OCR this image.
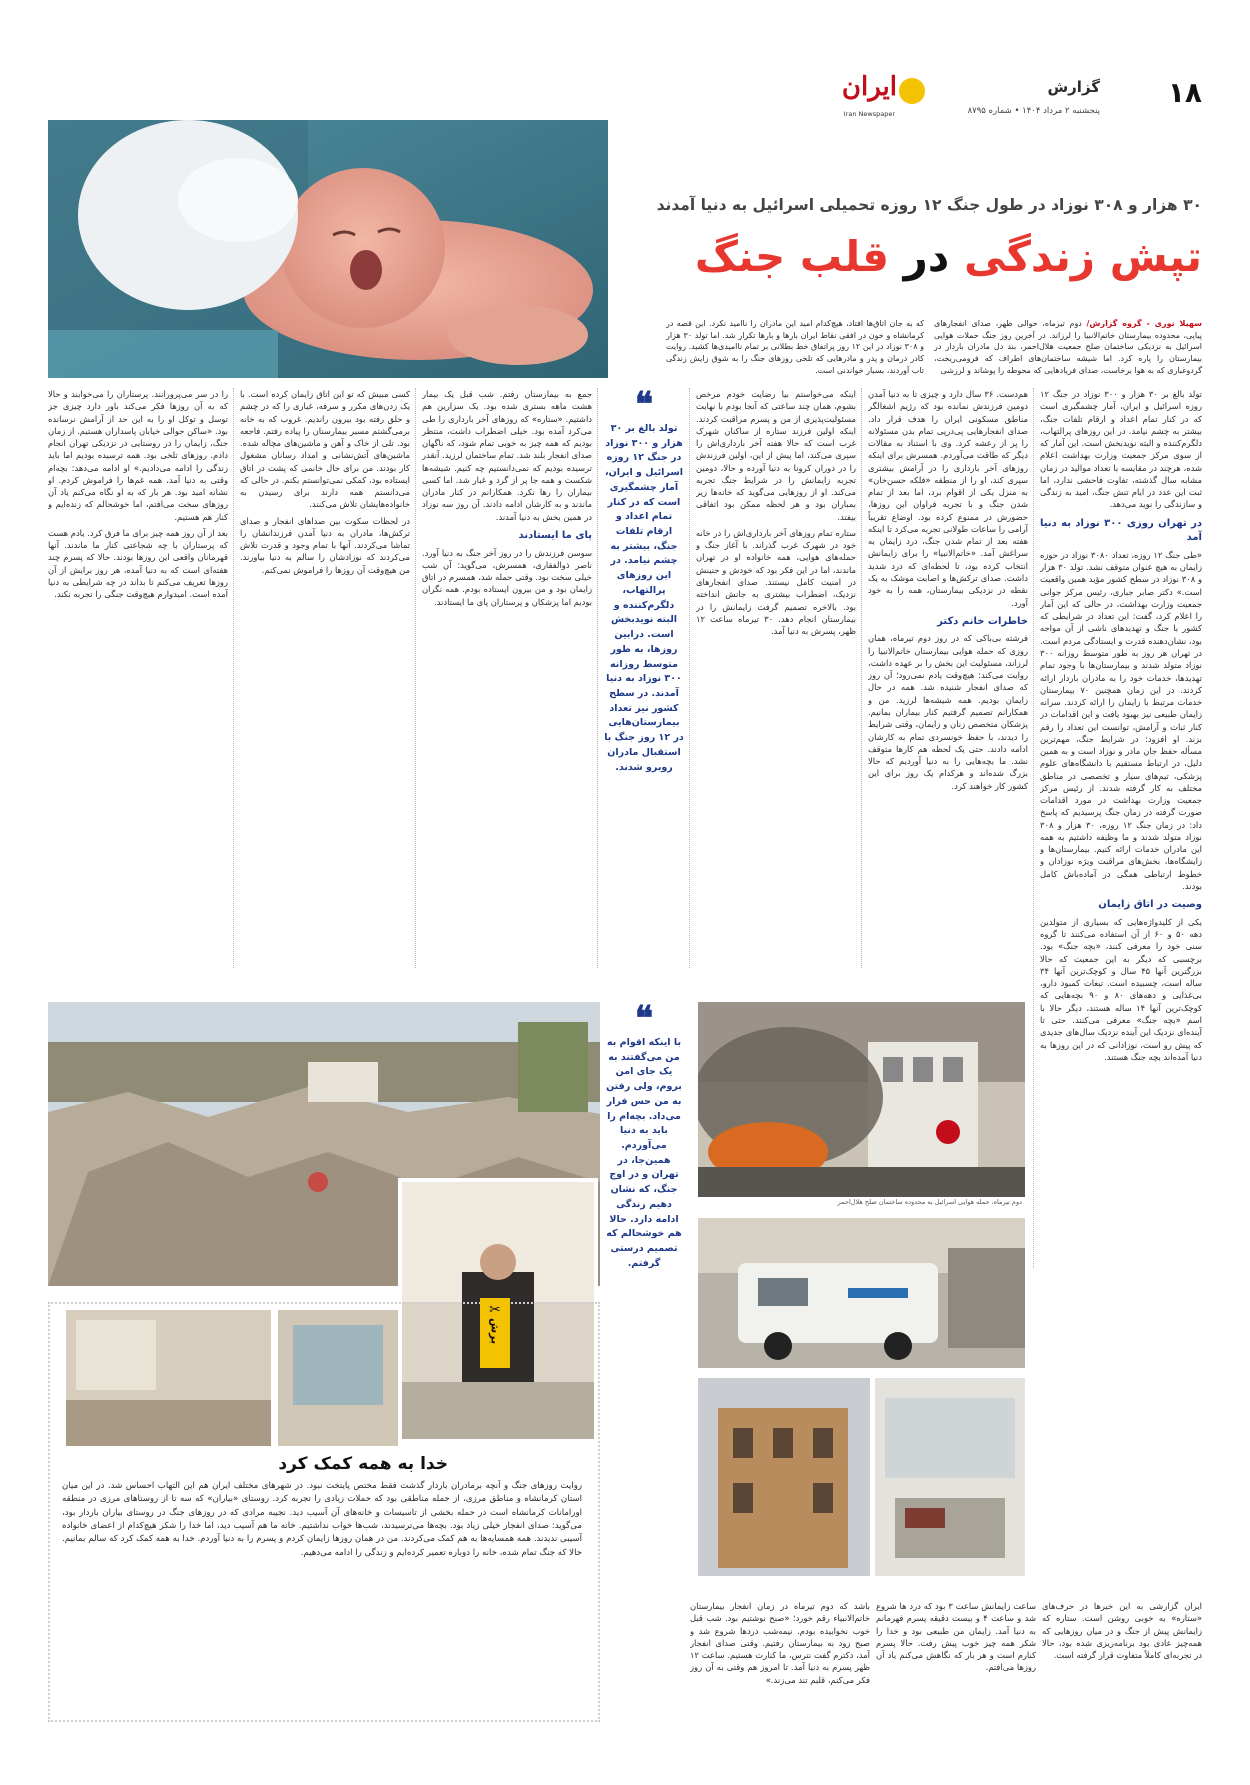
۱۸
گزارش
پنجشنبه ۲ مرداد ۱۴۰۴ • شماره ۸۷۹۵
ایران
Iran Newspaper
۳۰ هزار و ۳۰۸ نوزاد در طول جنگ ۱۲ روزه تحمیلی اسرائیل به دنیا آمدند
تپش زندگی در قلب جنگ
سهیلا نوری - گروه گزارش/ دوم تیرماه، حوالی ظهر، صدای انفجارهای پیاپی، محدوده بیمارستان خاتم‌الانبیا را لرزاند. در آخرین روز جنگ حملات هوایی اسرائیل به نزدیکی ساختمان صلح جمعیت هلال‌احمر، بند دل مادران باردار در بیمارستان را پاره کرد. اما شیشه ساختمان‌های اطراف که فرومی‌ریخت، گردوغباری که به هوا برخاست، صدای فریادهایی که محوطه را پوشاند و لرزشی
که به جان اتاق‌ها افتاد، هیچ‌کدام امید این مادران را ناامید نکرد. این قصه در کرمانشاه و خون در افقی نقاط ایران بارها و بارها تکرار شد. اما تولد ۳۰ هزار و ۳۰۸ نوزاد در این ۱۲ روز پراتفاق خط بطلانی بر تمام ناامیدی‌ها کشید. روایت کادر درمان و پدر و مادرهایی که تلخی روزهای جنگ را به شوق زایش زندگی تاب آوردند، بسیار خواندنی است.

تولد بالغ بر ۳۰ هزار و ۳۰۰ نوزاد در جنگ ۱۲ روزه اسرائیل و ایران، آمار چشمگیری است که در کنار تمام اعداد و ارقام تلفات جنگ، بیشتر به چشم نیامد. در این روزهای پرالتهاب، دلگرم‌کننده و البته نوید‌بخش است. این آمار که از سوی مرکز جمعیت وزارت بهداشت اعلام شده، هرچند در مقایسه با تعداد موالید در زمان مشابه سال گذشته، تفاوت فاحشی ندارد، اما ثبت این عدد در ایام تنش جنگ، امید به زندگی و سازندگی را نوید می‌دهد.

در تهران روزی ۳۰۰ نوزاد به دنیا آمد

«طی جنگ ۱۲ روزه، تعداد ۳۰۸۰ نوزاد در حوزه زایمان به هیچ عنوان متوقف نشد. تولد ۳۰ هزار و ۳۰۸ نوزاد در سطح کشور مؤید همین واقعیت است.» دکتر صابر جباری، رئیس مرکز جوانی جمعیت وزارت بهداشت، در حالی که این آمار را اعلام کرد، گفت: این تعداد در شرایطی که کشور با جنگ و تهدیدهای ناشی از آن مواجه بود، نشان‌دهنده قدرت و ایستادگی مردم است. در تهران هر روز به طور متوسط روزانه ۳۰۰ نوزاد متولد شدند و بیمارستان‌ها با وجود تمام تهدیدها، خدمات خود را به مادران باردار ارائه کردند. در این زمان همچنین ۷۰ بیمارستان خدمات مرتبط با زایمان را ارائه کردند. سرانه زایمان طبیعی نیز بهبود یافت و این اقدامات در کنار ثبات و آرامش، توانست این تعداد را رقم بزند. او افزود: در شرایط جنگ، مهم‌ترین مسأله حفظ جان مادر و نوزاد است و به همین دلیل، در ارتباط مستقیم با دانشگاه‌های علوم پزشکی، تیم‌های سیار و تخصصی در مناطق مختلف به کار گرفته شدند. از رئیس مرکز جمعیت وزارت بهداشت در مورد اقدامات صورت گرفته در زمان جنگ پرسیدیم که پاسخ داد: در زمان جنگ ۱۲ روزه، ۳۰ هزار و ۳۰۸ نوزاد متولد شدند و ما وظیفه داشتیم به همه این مادران خدمات ارائه کنیم. بیمارستان‌ها و زایشگاه‌ها، بخش‌های مراقبت ویژه نوزادان و خطوط ارتباطی همگی در آماده‌باش کامل بودند.

وصیت در اتاق زایمان

یکی از کلیدواژه‌هایی که بسیاری از متولدین دهه ۵۰ و ۶۰ از آن استفاده می‌کنند تا گروه سنی خود را معرفی کنند، «بچه جنگ» بود. برچسبی که دیگر به این جمعیت که حالا بزرگترین آنها ۴۵ سال و کوچک‌ترین آنها ۳۴ ساله است، چسبیده است. تبعات کمبود دارو، بی‌غذایی و دهه‌های ۸۰ و ۹۰ بچه‌هایی که کوچک‌ترین آنها ۱۴ ساله هستند، دیگر حالا با اسم «بچه جنگ» معرفی می‌کنند. حتی تا آینده‌ای نزدیک این آینده نزدیک سال‌های جدیدی که پیش رو است، نوزادانی که در این روزها به دنیا آمده‌اند بچه جنگ هستند.

هم‌دست. ۳۶ سال دارد و چیزی تا به دنیا آمدن دومین فرزندش نمانده بود که رژیم اشغالگر مناطق مسکونی ایران را هدف قرار داد. صدای انفجارهایی پی‌درپی تمام بدن مسئولانه را پر از رعشه کرد. وی با استناد به مقالات دیگر که طاقت می‌آوردم. همسرش برای اینکه روزهای آخر بارداری را در آرامش بیشتری سپری کند، او را از منطقه «فلکه حسن‌خان» به منزل یکی از اقوام برد، اما بعد از تمام شدن جنگ و با تجربه فراوان این روزها، حضورش در ممنوع کرده بود. اوضاع تقریباً آرامی را ساعات طولانی تجربه می‌کرد تا اینکه هفته بعد از تمام شدن جنگ، درد زایمان به سراغش آمد. «خاتم‌الانبیا» را برای زایمانش انتخاب کرده بود، تا لحظه‌ای که درد شدید داشت. صدای ترکش‌ها و اصابت موشک به یک نقطه در نزدیکی بیمارستان، همه را به خود آورد.

خاطرات خانم دکتر

فرشته بی‌باکی که در روز دوم تیرماه، همان روزی که حمله هوایی بیمارستان خاتم‌الانبیا را لرزاند، مسئولیت این بخش را بر عهده داشت، روایت می‌کند: هیچ‌وقت یادم نمی‌رود؛ آن روز که صدای انفجار شنیده شد. همه در حال زایمان بودیم. همه شیشه‌ها لرزید. من و همکارانم تصمیم گرفتیم کنار بیماران بمانیم. پزشکان متخصص زنان و زایمان، وقتی شرایط را دیدند، با حفظ خونسردی تمام به کارشان ادامه دادند. حتی یک لحظه هم کارها متوقف نشد. ما بچه‌هایی را به دنیا آوردیم که حالا بزرگ شده‌اند و هرکدام یک روز برای این کشور کار خواهند کرد.

اینکه می‌خواستم بیا رضایت خودم مرخص بشوم، همان چند ساعتی که آنجا بودم با نهایت مسئولیت‌پذیری از من و پسرم مراقبت کردند. اینکه اولین فرزند ستاره از ساکنان شهرک غرب است که حالا هفته آخر بارداری‌اش را سپری می‌کند، اما پیش از این، اولین فرزندش را در دوران کرونا به دنیا آورده و حالا، دومین تجربه زایمانش را در شرایط جنگ تجربه می‌کند. او از روزهایی می‌گوید که خانه‌ها زیر بمباران بود و هر لحظه ممکن بود اتفاقی بیفتد.

ستاره تمام روزهای آخر بارداری‌اش را در خانه خود در شهرک غرب گذراند. با آغاز جنگ و حمله‌های هوایی، همه خانواده او در تهران ماندند، اما در این فکر بود که خودش و جنینش در امنیت کامل نیستند. صدای انفجارهای نزدیک، اضطراب بیشتری به جانش انداخته بود. بالاخره تصمیم گرفت زایمانش را در بیمارستان انجام دهد. ۳۰ تیرماه ساعت ۱۲ ظهر، پسرش به دنیا آمد.

❝
تولد بالغ بر ۳۰ هزار و ۳۰۰ نوزاد در جنگ ۱۲ روزه اسرائیل و ایران، آمار چشمگیری است که در کنار تمام اعداد و ارقام تلفات جنگ، بیشتر به چشم نیامد. در این روزهای پرالتهاب، دلگرم‌کننده و البته نویدبخش است. درایین روزها، به طور متوسط روزانه ۳۰۰ نوزاد به دنیا آمدند. در سطح کشور نیز تعداد بیمارستان‌هایی در ۱۲ روز جنگ با استقبال مادران روبرو شدند.

جمع به بیمارستان رفتم. شب قبل یک بیمار هشت ماهه بستری شده بود. یک سزارین هم داشتیم. «ستاره» که روزهای آخر بارداری را طی می‌کرد آمده بود. خیلی اضطراب داشت، منتظر بودیم که همه چیز به خوبی تمام شود، که ناگهان صدای انفجار بلند شد. تمام ساختمان لرزید. آنقدر ترسیده بودیم که نمی‌دانستیم چه کنیم. شیشه‌ها شکست و همه جا پر از گرد و غبار شد. اما کسی بیماران را رها نکرد. همکارانم در کنار مادران ماندند و به کارشان ادامه دادند. آن روز سه نوزاد در همین بخش به دنیا آمدند.

پای ما ایستادند

سوسن فرزندش را در روز آخر جنگ به دنیا آورد. ناصر ذوالفقاری، همسرش، می‌گوید: آن شب خیلی سخت بود. وقتی حمله شد، همسرم در اتاق زایمان بود و من بیرون ایستاده بودم. همه نگران بودیم اما پزشکان و پرستاران پای ما ایستادند.

کسی مبیش که تو این اتاق زایمان کرده است. با یک زدن‌های مکرر و سرفه، غباری را که در چشم و حلق رفته بود بیرون راندیم. غروب که به خانه برمی‌گشتم مسیر بیمارستان را پیاده رفتم. فاجعه بود. تلی از خاک و آهن و ماشین‌های مچاله شده. ماشین‌های آتش‌نشانی و امداد رسانان مشغول کار بودند. من برای حال خانمی که پشت در اتاق ایستاده بود، کمکی نمی‌توانستم بکنم. در حالی که می‌دانستم همه دارند برای رسیدن به خانواده‌هایشان تلاش می‌کنند.

در لحظات سکوت بین صداهای انفجار و صدای ترکش‌ها، مادران به دنیا آمدن فرزندانشان را تماشا می‌کردند. آنها با تمام وجود و قدرت تلاش می‌کردند که نوزادشان را سالم به دنیا بیاورند. من هیچ‌وقت آن روزها را فراموش نمی‌کنم.

را در سر می‌پرورانند. پرستاران را می‌خوابند و حالا که به آن روزها فکر می‌کند باور دارد چیزی جز توسل و توکل او را به این حد از آرامش نرسانده بود. «ساکن حوالی خیابان پاسداران هستیم. از زمان جنگ، زایمان را در روستایی در نزدیکی تهران انجام دادم. روزهای تلخی بود. همه ترسیده بودیم اما باید زندگی را ادامه می‌دادیم.» او ادامه می‌دهد: بچه‌ام وقتی به دنیا آمد، همه غم‌ها را فراموش کردم. او نشانه امید بود. هر بار که به او نگاه می‌کنم یاد آن روزهای سخت می‌افتم، اما خوشحالم که زنده‌ایم و کنار هم هستیم.

بعد از آن روز همه چیز برای ما فرق کرد. یادم هست که پرستاران با چه شجاعتی کنار ما ماندند. آنها قهرمانان واقعی این روزها بودند. حالا که پسرم چند هفته‌ای است که به دنیا آمده، هر روز برایش از آن روزها تعریف می‌کنم تا بداند در چه شرایطی به دنیا آمده است. امیدوارم هیچ‌وقت جنگی را تجربه نکند.

دوم تیرماه، حمله هوایی اسرائیل به محدوده ساختمان صلح هلال‌احمر
❝
با اینکه اقوام به من می‌گفتند به یک جای امن بروم، ولی رفتن به من حس فرار می‌داد. بچه‌ام را باید به دنیا می‌آوردم. همین‌جا، در تهران و در اوج جنگ، که نشان دهیم زندگی ادامه دارد. حالا هم خوشحالم که تصمیم درستی گرفتم.
✂
برش
خدا به همه کمک کرد
روایت روزهای جنگ و آنچه برمادران باردار گذشت فقط مختص پایتخت نبود. در شهرهای مختلف ایران هم این التهاب احساس شد. در این میان استان کرمانشاه و مناطق مرزی، از جمله مناطقی بود که حملات زیادی را تجربه کرد. روستای «بیاران» که سه تا از روستاهای مرزی در منطقه اورامانات کرمانشاه است در حمله بخشی از تاسیسات و خانه‌های آن آسیب دید. نجیبه مرادی که در روزهای جنگ در روستای بیاران باردار بود، می‌گوید: صدای انفجار خیلی زیاد بود. بچه‌ها می‌ترسیدند، شب‌ها خواب نداشتیم. خانه ما هم آسیب دید، اما خدا را شکر هیچ‌کدام از اعضای خانواده آسیبی ندیدند. همه همسایه‌ها به هم کمک می‌کردند. من در همان روزها زایمان کردم و پسرم را به دنیا آوردم. خدا به همه کمک کرد که سالم بمانیم. حالا که جنگ تمام شده، خانه را دوباره تعمیر کرده‌ایم و زندگی را ادامه می‌دهیم.
ایران گزارشی به این خبرها در حرف‌های «ستاره» به خوبی روشن است. ستاره که زایمانش پیش از جنگ و در میان روزهایی که همه‌چیز عادی بود برنامه‌ریزی شده بود، حالا در تجربه‌ای کاملاً متفاوت قرار گرفته است.
ساعت زایمانش ساعت ۳ بود که درد ها شروع شد و ساعت ۴ و بیست دقیقه پسرم فهرمانم به دنیا آمد. زایمان من طبیعی بود و خدا را شکر همه چیز خوب پیش رفت. حالا پسرم کنارم است و هر بار که نگاهش می‌کنم یاد آن روزها می‌افتم.
باشد که دوم تیرماه در زمان انفجار بیمارستان خاتم‌الانبیاء رقم خورد؛ «صبح نوشتیم بود. شب قبل خوب نخوابیده بودم. نیمه‌شب دردها شروع شد و صبح زود به بیمارستان رفتیم. وقتی صدای انفجار آمد، دکترم گفت نترس، ما کنارت هستیم. ساعت ۱۲ ظهر پسرم به دنیا آمد. تا امروز هم وقتی به آن روز فکر می‌کنم، قلبم تند می‌زند.»
